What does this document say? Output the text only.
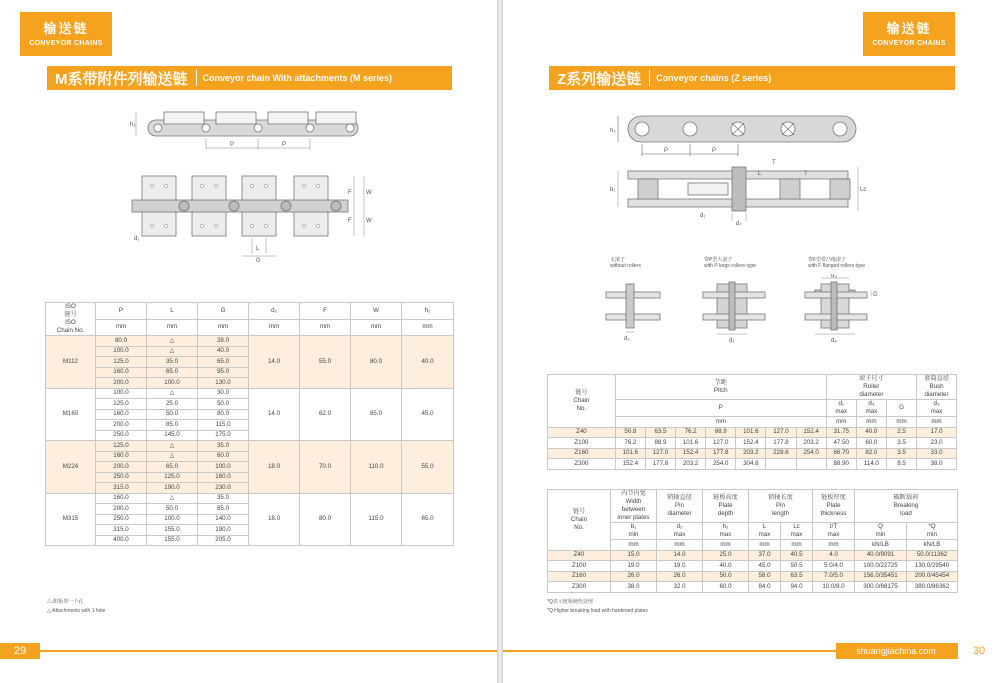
输送链
CONVEYOR CHAINS
M系带附件列输送链	Conveyor chain With attachments (M series)
h₂
P	P
F W
F W
d₁
L
G
ISO
链号
ISO
Chain No.	P	L	G	d₂	F	W	h₂
	mm	mm	mm	mm	mm	mm	mm
M112	80.0	△	28.0	14.0	55.0	80.0	40.0
	100.0	△	40.0				
	125.0	35.0	65.0				
	160.0	65.0	95.0				
	200.0	100.0	130.0				
M160	100.0	△	30.0	14.0	62.0	85.0	45.0
	125.0	25.0	50.0				
	160.0	50.0	80.0				
	200.0	85.0	115.0				
	250.0	145.0	175.0				
M224	125.0	△	35.0	18.0	70.0	110.0	55.0
	160.0	△	60.0				
	200.0	65.0	100.0				
	250.0	125.0	160.0				
	315.0	190.0	230.0				
M315	160.0	△	35.0	18.0	80.0	115.0	65.0
	200.0	50.0	85.0				
	250.0	100.0	140.0				
	315.0	155.0	190.0				
	400.0	155.0	205.0				
△:附板带一个孔
△:Attachments with 1 hole
29
输送链
CONVEYOR CHAINS
Z系列输送链	Conveyor chains (Z series)
h₂
P	P
T
b₁	Lc
L
d₁
d₂
T
无滚子
without rollers
带P型大滚子
with P large rollers type
带F型带凸缘滚子
with F flanged rollers type
d₂	d₁
d₃
G
d₄
链号
Chain
No.	节距
Pitch							滚子尺寸
Roller
diameter			套筒直径
Bush
diameter
								d₁
max	d₄
max	G	d₃
max
	P										
	mm							mm	mm	mm	mm
Z40	50.8	63.5	76.2	88.9	101.6	127.0	152.4	31.75	40.0	2.5	17.0
Z100	76.2	88.9	101.6	127.0	152.4	177.8	203.2	47.50	60.0	3.5	23.0
Z160	101.6	127.0	152.4	177.8	203.2	228.6	254.0	66.70	82.0	3.5	33.0
Z300	152.4	177.8	203.2	254.0	304.8			88.90	114.0	8.5	38.0
链号
Chain
No.	内节内宽
Width
between
inner plates	销轴直径
Pin
diameter	链板高度
Plate
depth	销轴长度
Pin
length		链板厚度
Plate
thickness	破断载荷
Breaking
load	
	b₁
min	d₂
max	h₂
max	L
max	Lc
max	t/T
max	Q
min	*Q
min
	mm	mm	mm	mm	mm	mm	kN/LB	kN/LB
Z40	15.0	14.0	25.0	37.0	40.5	4.0	40.0/9091	50.0/11362
Z100	19.0	19.0	40.0	45.0	50.5	5.0/4.0	100.0/22725	130.0/29540
Z160	26.0	26.0	50.0	58.0	63.5	7.0/5.0	156.0/35451	200.0/45454
Z300	38.0	32.0	60.0	84.0	94.0	10.0/8.0	300.0/68175	380.0/86362
*Q表示链板硬热处理
*Q:Higher breaking load with hardened plates
shuangjiachina.com	30
